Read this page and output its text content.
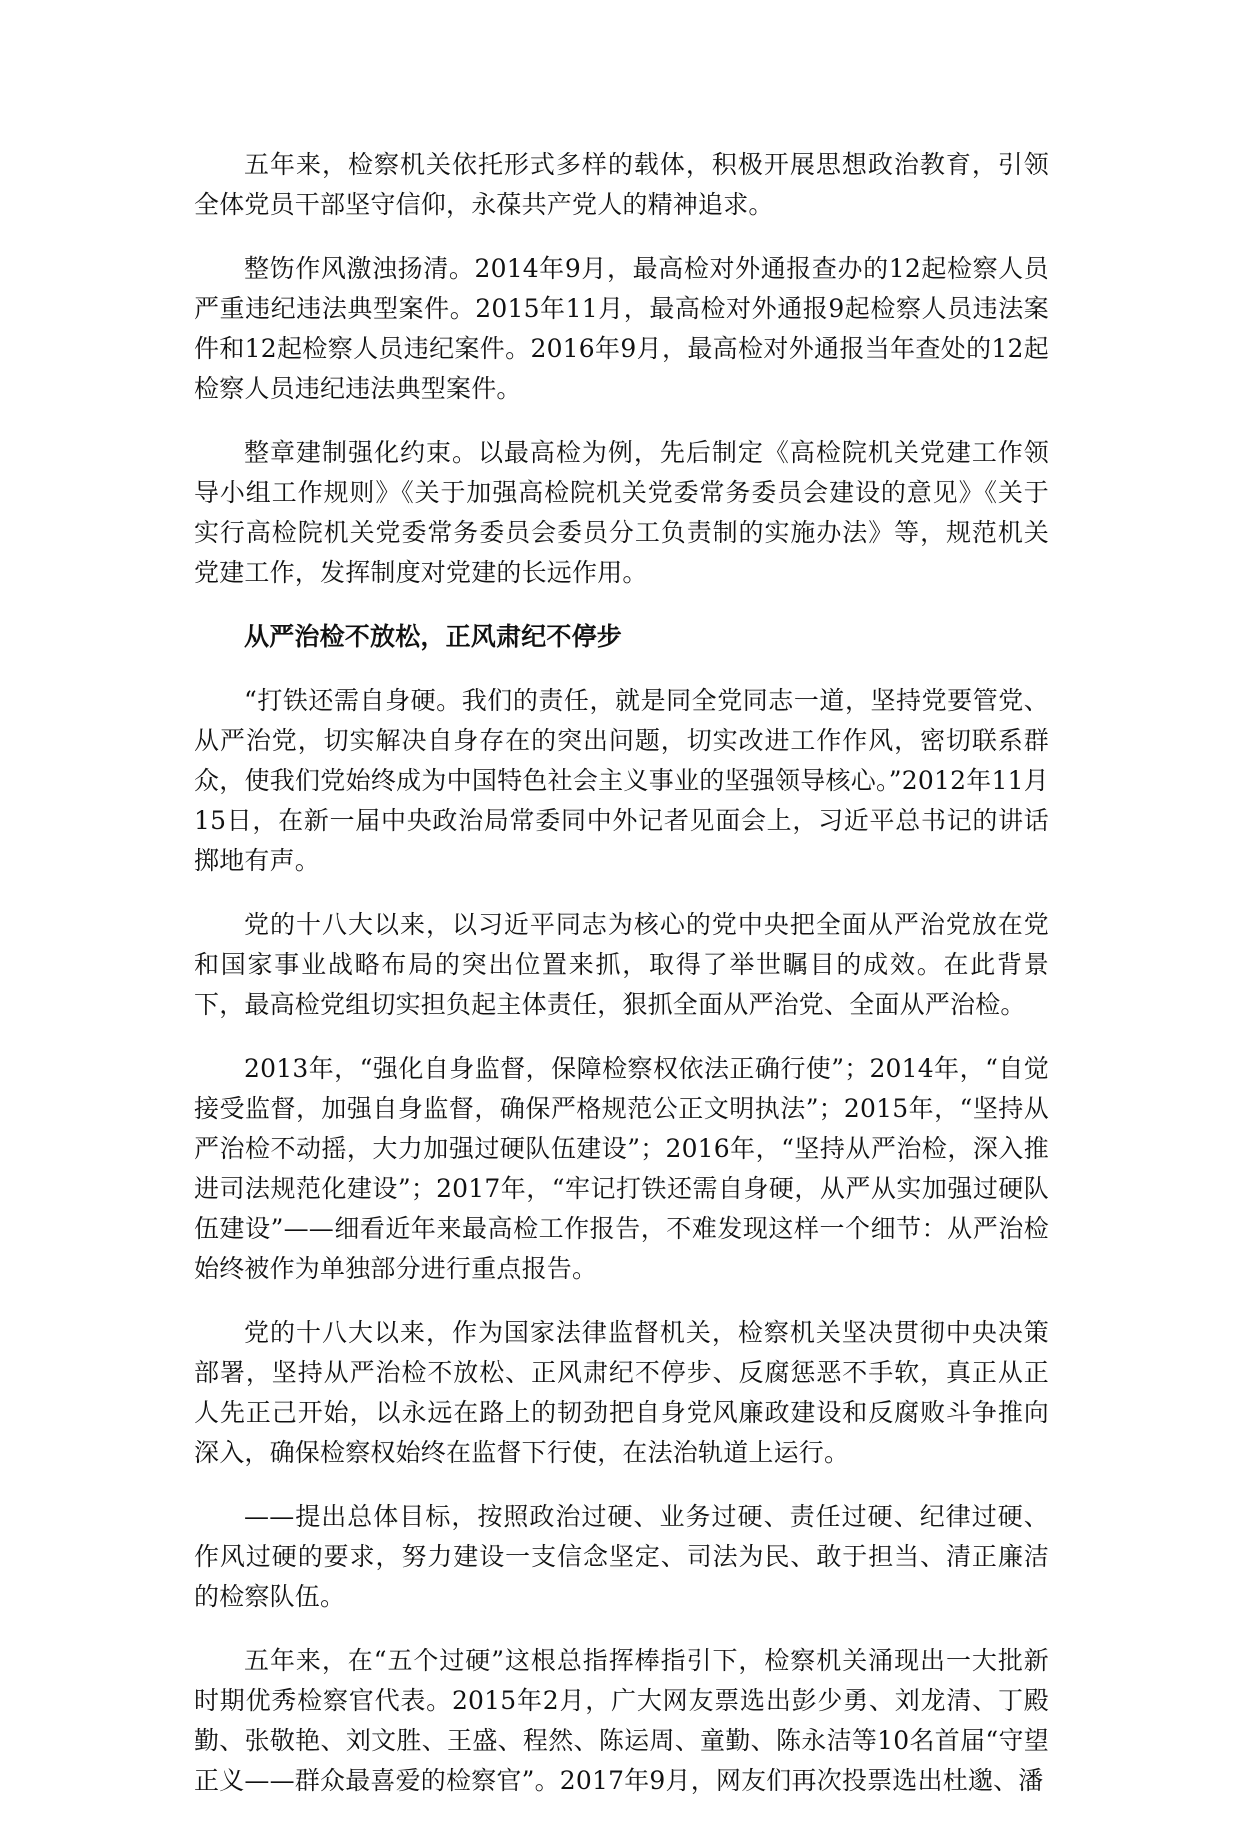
五年来，检察机关依托形式多样的载体，积极开展思想政治教育，引领全体党员干部坚守信仰，永葆共产党人的精神追求。

整饬作风激浊扬清。2014年9月，最高检对外通报查办的12起检察人员严重违纪违法典型案件。2015年11月，最高检对外通报9起检察人员违法案件和12起检察人员违纪案件。2016年9月，最高检对外通报当年查处的12起检察人员违纪违法典型案件。

整章建制强化约束。以最高检为例，先后制定《高检院机关党建工作领导小组工作规则》《关于加强高检院机关党委常务委员会建设的意见》《关于实行高检院机关党委常务委员会委员分工负责制的实施办法》等，规范机关党建工作，发挥制度对党建的长远作用。

从严治检不放松，正风肃纪不停步

“打铁还需自身硬。我们的责任，就是同全党同志一道，坚持党要管党、从严治党，切实解决自身存在的突出问题，切实改进工作作风，密切联系群众，使我们党始终成为中国特色社会主义事业的坚强领导核心。”2012年11月15日，在新一届中央政治局常委同中外记者见面会上，习近平总书记的讲话掷地有声。

党的十八大以来，以习近平同志为核心的党中央把全面从严治党放在党和国家事业战略布局的突出位置来抓，取得了举世瞩目的成效。在此背景下，最高检党组切实担负起主体责任，狠抓全面从严治党、全面从严治检。

2013年，“强化自身监督，保障检察权依法正确行使”；2014年，“自觉接受监督，加强自身监督，确保严格规范公正文明执法”；2015年，“坚持从严治检不动摇，大力加强过硬队伍建设”；2016年，“坚持从严治检，深入推进司法规范化建设”；2017年，“牢记打铁还需自身硬，从严从实加强过硬队伍建设”——细看近年来最高检工作报告，不难发现这样一个细节：从严治检始终被作为单独部分进行重点报告。

党的十八大以来，作为国家法律监督机关，检察机关坚决贯彻中央决策部署，坚持从严治检不放松、正风肃纪不停步、反腐惩恶不手软，真正从正人先正己开始，以永远在路上的韧劲把自身党风廉政建设和反腐败斗争推向深入，确保检察权始终在监督下行使，在法治轨道上运行。

——提出总体目标，按照政治过硬、业务过硬、责任过硬、纪律过硬、作风过硬的要求，努力建设一支信念坚定、司法为民、敢于担当、清正廉洁的检察队伍。

五年来，在“五个过硬”这根总指挥棒指引下，检察机关涌现出一大批新时期优秀检察官代表。2015年2月，广大网友票选出彭少勇、刘龙清、丁殿勤、张敬艳、刘文胜、王盛、程然、陈运周、童勤、陈永洁等10名首届“守望正义——群众最喜爱的检察官”。2017年9月，网友们再次投票选出杜邈、潘
